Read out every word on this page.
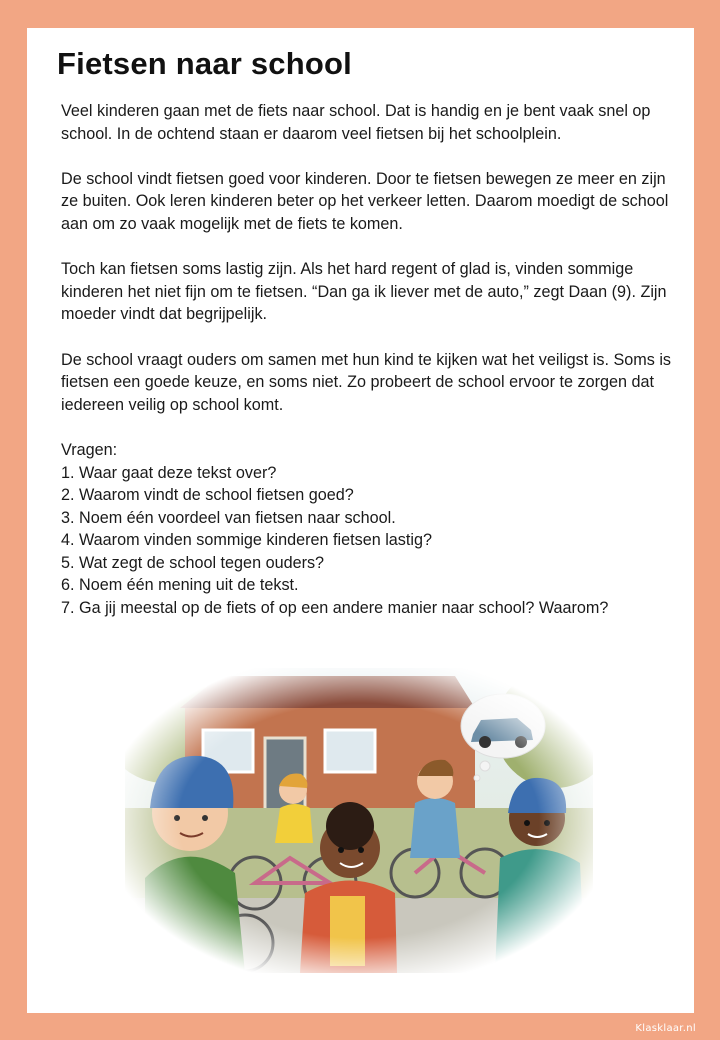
Fietsen naar school

Veel kinderen gaan met de fiets naar school. Dat is handig en je bent vaak snel op school. In de ochtend staan er daarom veel fietsen bij het schoolplein.

De school vindt fietsen goed voor kinderen. Door te fietsen bewegen ze meer en zijn ze buiten. Ook leren kinderen beter op het verkeer letten. Daarom moedigt de school aan om zo vaak mogelijk met de fiets te komen.

Toch kan fietsen soms lastig zijn. Als het hard regent of glad is, vinden sommige kinderen het niet fijn om te fietsen. “Dan ga ik liever met de auto,” zegt Daan (9). Zijn moeder vindt dat begrijpelijk.

De school vraagt ouders om samen met hun kind te kijken wat het veiligst is. Soms is fietsen een goede keuze, en soms niet. Zo probeert de school ervoor te zorgen dat iedereen veilig op school komt.

Vragen:
1. Waar gaat deze tekst over?
2. Waarom vindt de school fietsen goed?
3. Noem één voordeel van fietsen naar school.
4. Waarom vinden sommige kinderen fietsen lastig?
5. Wat zegt de school tegen ouders?
6. Noem één mening uit de tekst.
7. Ga jij meestal op de fiets of op een andere manier naar school? Waarom?
Klasklaar.nl
